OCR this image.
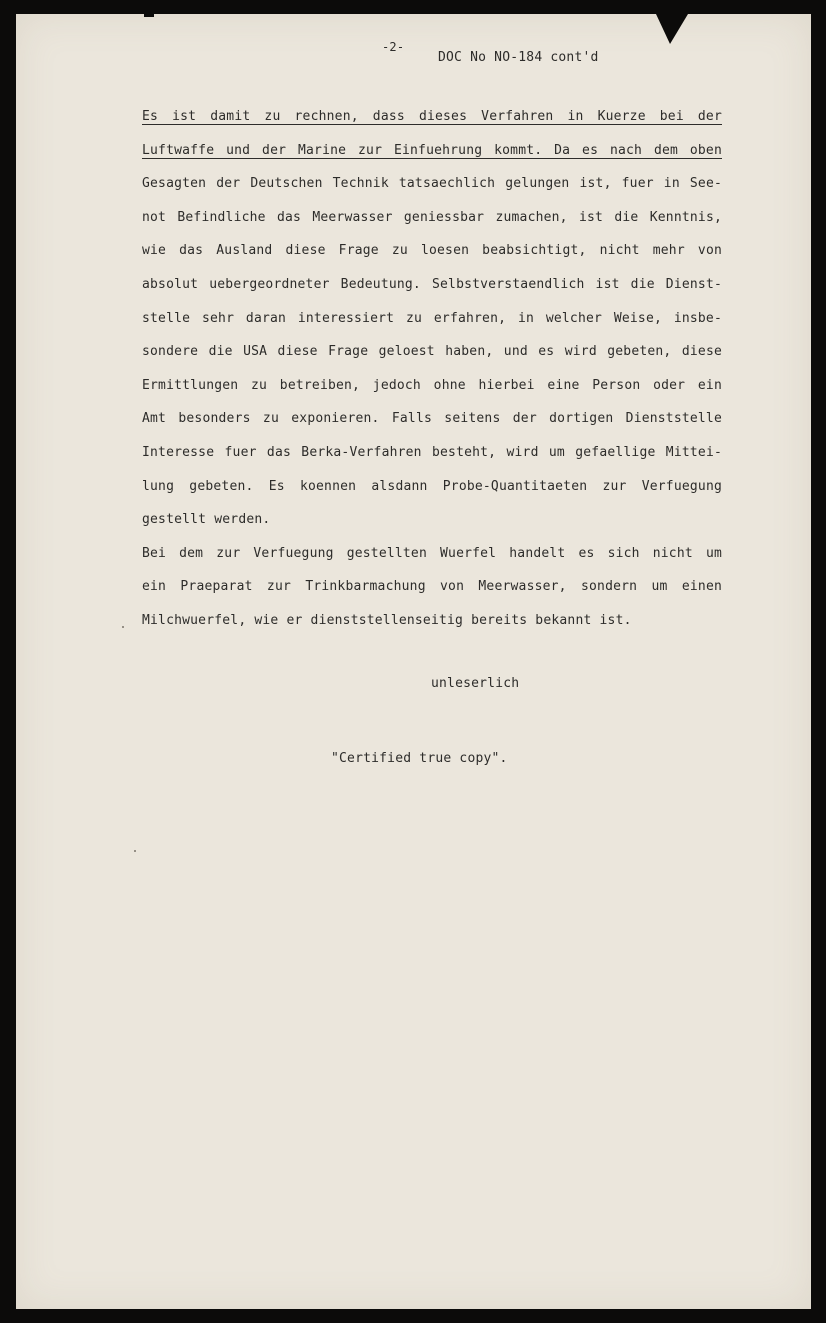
-2-
DOC No NO-184 cont'd
Es ist damit zu rechnen, dass dieses Verfahren in Kuerze bei der
Luftwaffe und der Marine zur Einfuehrung kommt. Da es nach dem oben
Gesagten der Deutschen Technik tatsaechlich gelungen ist, fuer in See-
not Befindliche das Meerwasser geniessbar zumachen, ist die Kenntnis,
wie das Ausland diese Frage zu loesen beabsichtigt, nicht mehr von
absolut uebergeordneter Bedeutung. Selbstverstaendlich ist die Dienst-
stelle sehr daran interessiert zu erfahren, in welcher Weise, insbe-
sondere die USA diese Frage geloest haben, und es wird gebeten, diese
Ermittlungen zu betreiben, jedoch ohne hierbei eine Person oder ein
Amt besonders zu exponieren. Falls seitens der dortigen Dienststelle
Interesse fuer das Berka-Verfahren besteht, wird um gefaellige Mittei-
lung gebeten. Es koennen alsdann Probe-Quantitaeten zur Verfuegung
gestellt werden.
Bei dem zur Verfuegung gestellten Wuerfel handelt es sich nicht um
ein Praeparat zur Trinkbarmachung von Meerwasser, sondern um einen
Milchwuerfel, wie er dienststellenseitig bereits bekannt ist.
unleserlich
"Certified true copy".
